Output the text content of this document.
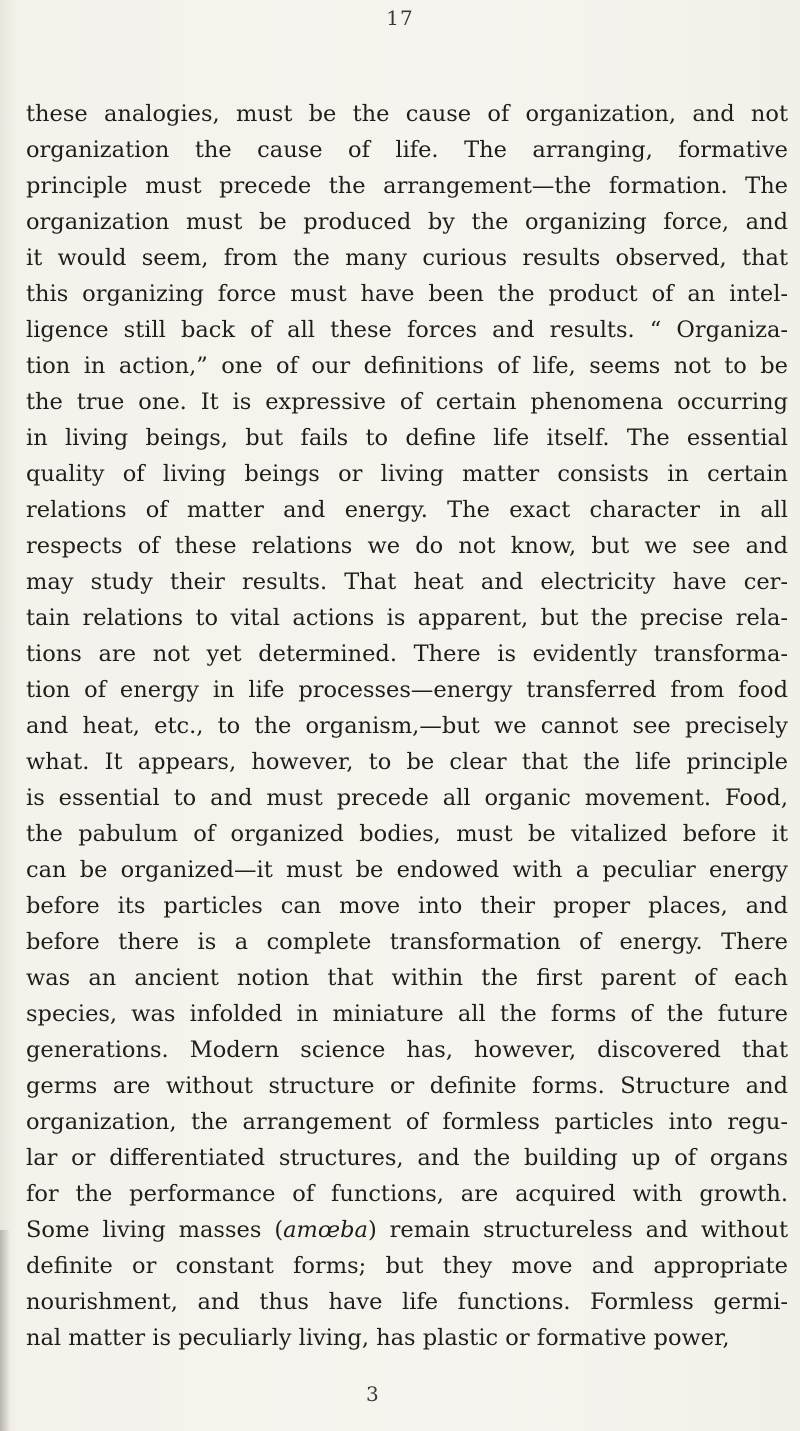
17
these analogies, must be the cause of organization, and not
organization the cause of life. The arranging, formative
principle must precede the arrangement—the formation. The
organization must be produced by the organizing force, and
it would seem, from the many curious results observed, that
this organizing force must have been the product of an intel-
ligence still back of all these forces and results. “ Organiza-
tion in action,” one of our definitions of life, seems not to be
the true one. It is expressive of certain phenomena occurring
in living beings, but fails to define life itself. The essential
quality of living beings or living matter consists in certain
relations of matter and energy. The exact character in all
respects of these relations we do not know, but we see and
may study their results. That heat and electricity have cer-
tain relations to vital actions is apparent, but the precise rela-
tions are not yet determined. There is evidently transforma-
tion of energy in life processes—energy transferred from food
and heat, etc., to the organism,—but we cannot see precisely
what. It appears, however, to be clear that the life principle
is essential to and must precede all organic movement. Food,
the pabulum of organized bodies, must be vitalized before it
can be organized—it must be endowed with a peculiar energy
before its particles can move into their proper places, and
before there is a complete transformation of energy. There
was an ancient notion that within the first parent of each
species, was infolded in miniature all the forms of the future
generations. Modern science has, however, discovered that
germs are without structure or definite forms. Structure and
organization, the arrangement of formless particles into regu-
lar or differentiated structures, and the building up of organs
for the performance of functions, are acquired with growth.
Some living masses (amœba) remain structureless and without
definite or constant forms; but they move and appropriate
nourishment, and thus have life functions. Formless germi-
nal matter is peculiarly living, has plastic or formative power,
3
